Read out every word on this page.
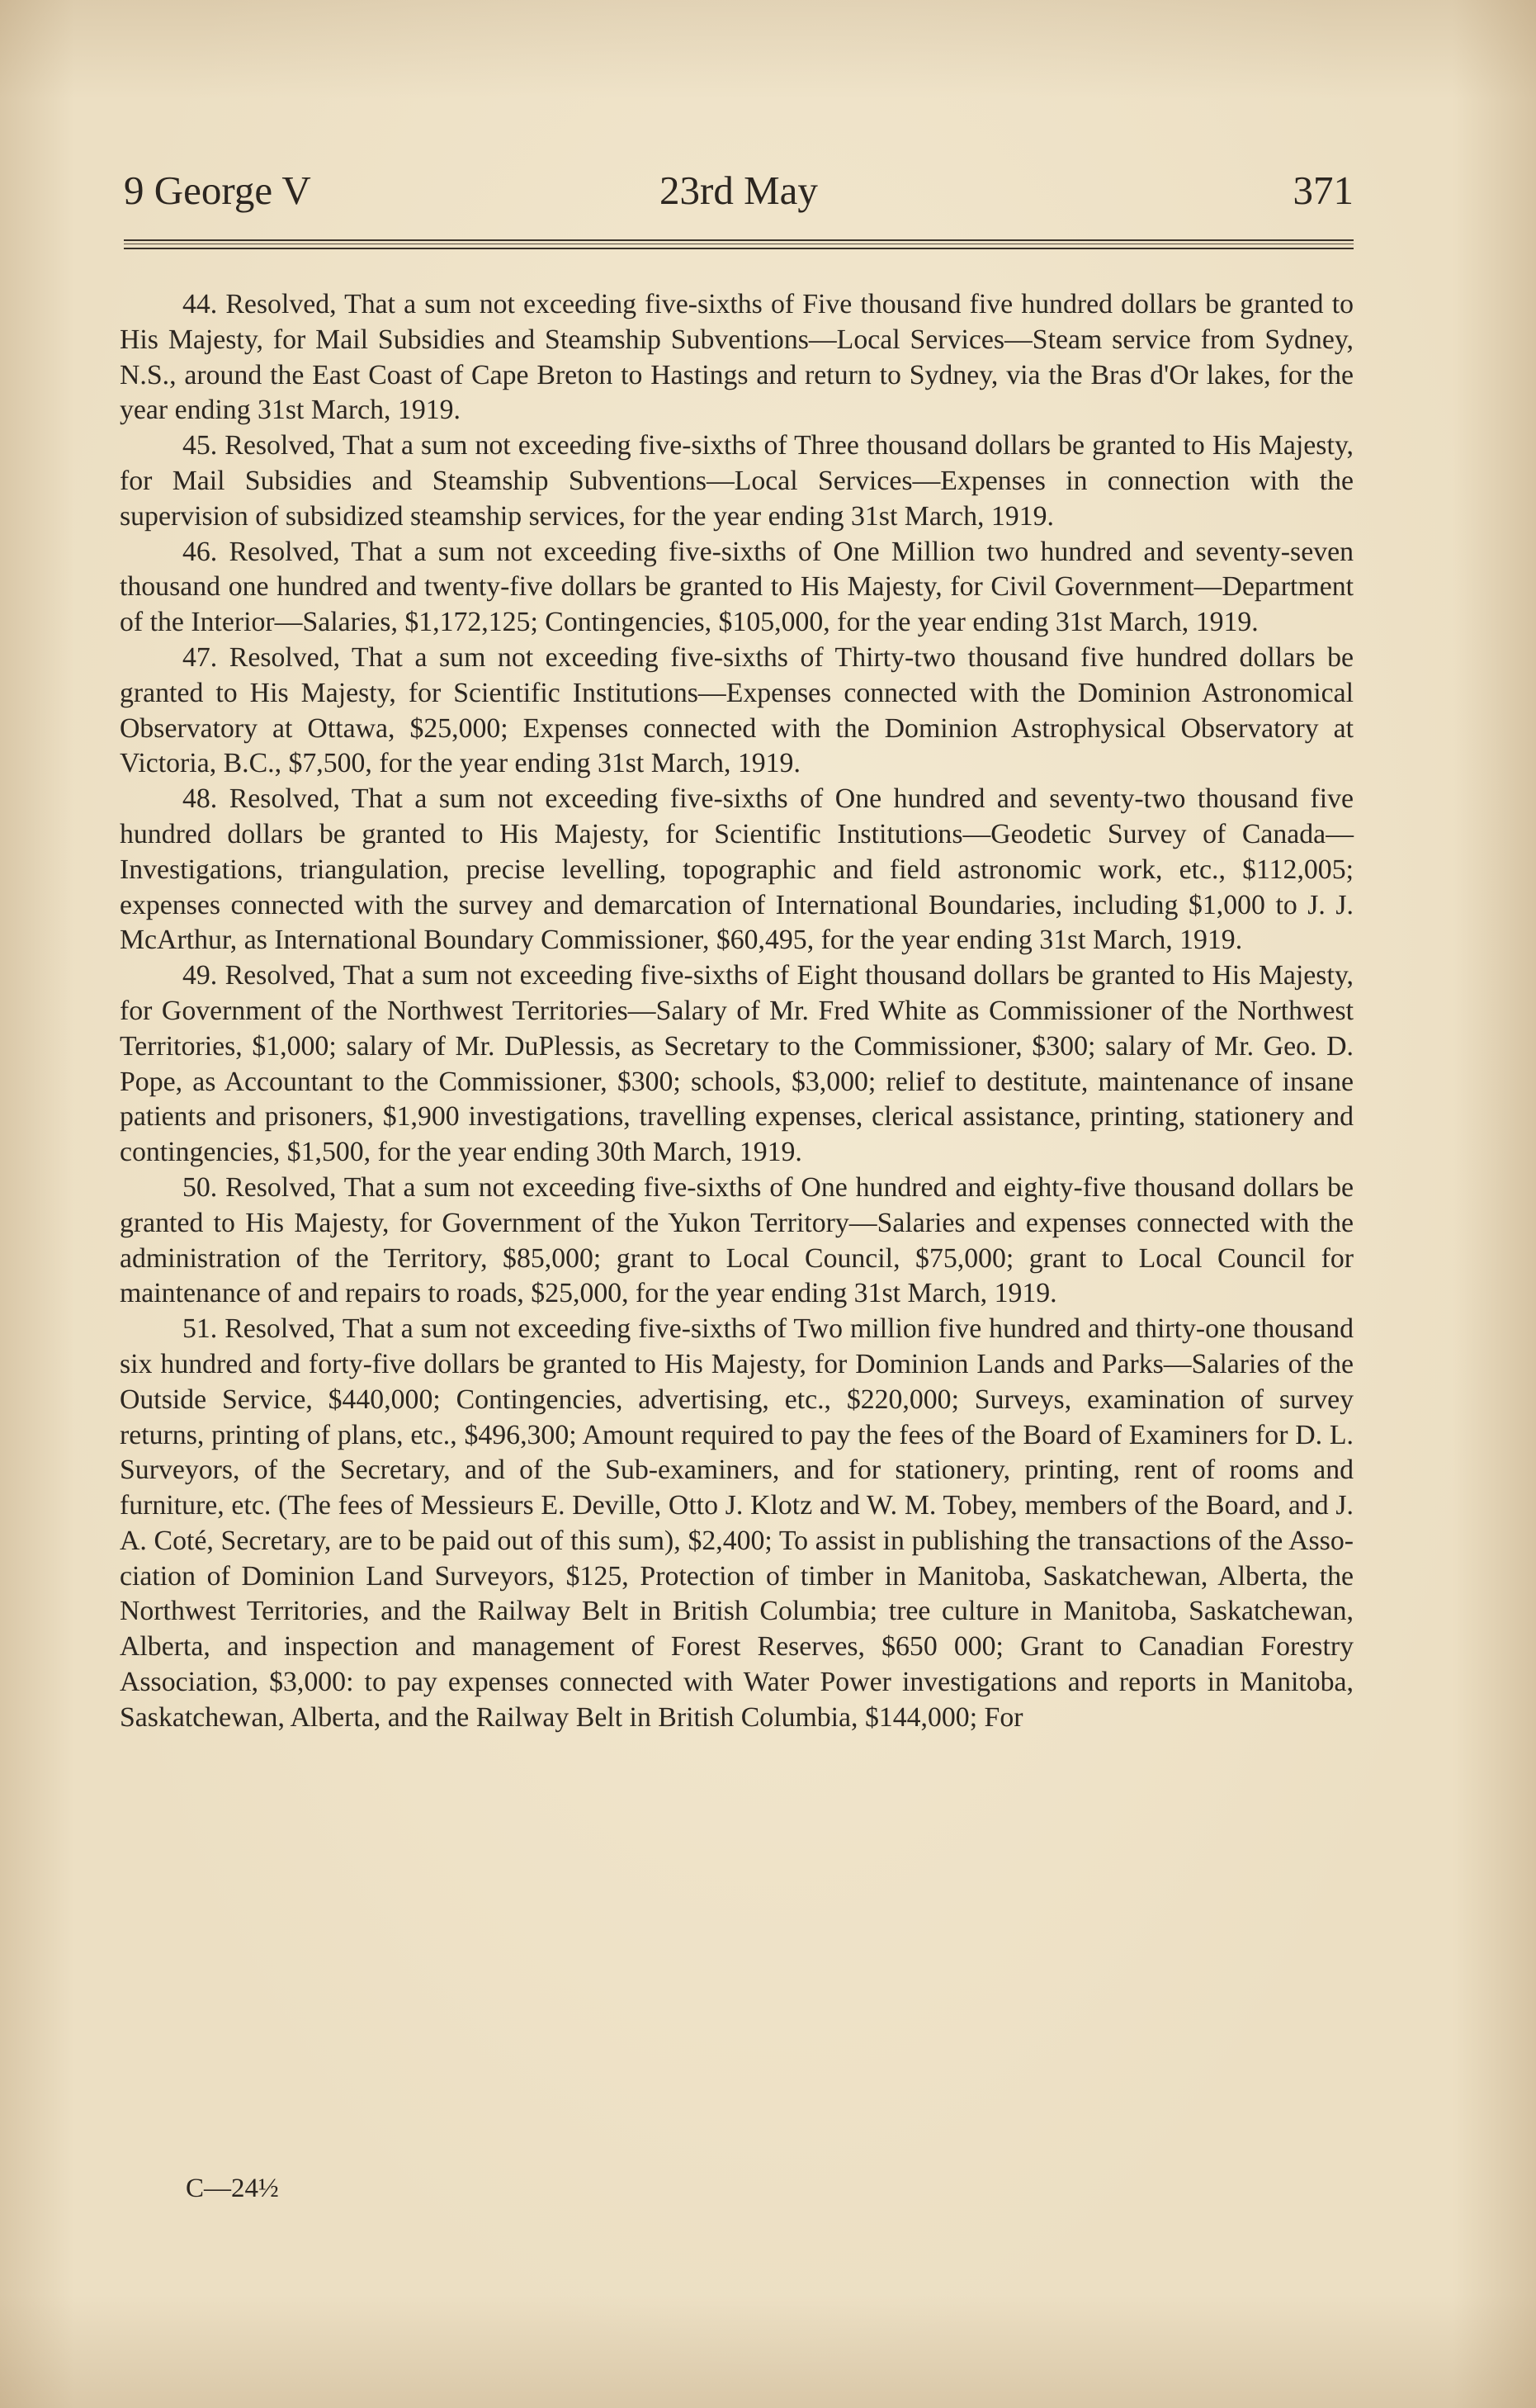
9 George V	23rd May	371

44. Resolved, That a sum not exceeding five-sixths of Five thousand five hundred dollars be granted to His Majesty, for Mail Subsidies and Steamship Subventions—Local Services—Steam service from Sydney, N.S., around the East Coast of Cape Breton to Hastings and return to Sydney, via the Bras d'Or lakes, for the year ending 31st March, 1919.

45. Resolved, That a sum not exceeding five-sixths of Three thousand dollars be granted to His Majesty, for Mail Subsidies and Steamship Subventions—Local Services—Expenses in connection with the supervision of subsidized steamship services, for the year ending 31st March, 1919.

46. Resolved, That a sum not exceeding five-sixths of One Million two hundred and seventy-seven thousand one hundred and twenty-five dollars be granted to His Majesty, for Civil Government—Department of the Interior—Salaries, $1,172,125; Contingencies, $105,000, for the year ending 31st March, 1919.

47. Resolved, That a sum not exceeding five-sixths of Thirty-two thousand five hundred dollars be granted to His Majesty, for Scientific Institutions—Expenses connected with the Dominion Astronomical Observatory at Ottawa, $25,000; Expenses connected with the Dominion Astrophysical Observatory at Victoria, B.C., $7,500, for the year ending 31st March, 1919.

48. Resolved, That a sum not exceeding five-sixths of One hundred and seventy-two thousand five hundred dollars be granted to His Majesty, for Scientific Institutions—Geodetic Survey of Canada—Investigations, triangulation, precise levelling, topographic and field astronomic work, etc., $112,005; expenses connected with the survey and demarcation of International Boundaries, including $1,000 to J. J. McArthur, as International Boundary Commissioner, $60,495, for the year ending 31st March, 1919.

49. Resolved, That a sum not exceeding five-sixths of Eight thousand dollars be granted to His Majesty, for Government of the Northwest Territories—Salary of Mr. Fred White as Commissioner of the Northwest Territories, $1,000; salary of Mr. DuPlessis, as Secretary to the Commissioner, $300; salary of Mr. Geo. D. Pope, as Accountant to the Commissioner, $300; schools, $3,000; relief to destitute, maintenance of insane patients and prisoners, $1,900 investigations, travelling expenses, clerical assistance, printing, stationery and contingencies, $1,500, for the year ending 30th March, 1919.

50. Resolved, That a sum not exceeding five-sixths of One hundred and eighty-five thousand dollars be granted to His Majesty, for Government of the Yukon Territory—Salaries and expenses connected with the administration of the Territory, $85,000; grant to Local Council, $75,000; grant to Local Council for maintenance of and repairs to roads, $25,000, for the year ending 31st March, 1919.

51. Resolved, That a sum not exceeding five-sixths of Two million five hundred and thirty-one thousand six hundred and forty-five dollars be granted to His Majesty, for Dominion Lands and Parks—Salaries of the Outside Service, $440,000; Contingencies, advertising, etc., $220,000; Surveys, examination of survey returns, printing of plans, etc., $496,300; Amount required to pay the fees of the Board of Examiners for D. L. Surveyors, of the Secretary, and of the Sub-examiners, and for stationery, printing, rent of rooms and furniture, etc. (The fees of Messieurs E. Deville, Otto J. Klotz and W. M. Tobey, members of the Board, and J. A. Coté, Secretary, are to be paid out of this sum), $2,400; To assist in publishing the transactions of the Association of Dominion Land Surveyors, $125, Protection of timber in Manitoba, Saskatchewan, Alberta, the Northwest Territories, and the Railway Belt in British Columbia; tree culture in Manitoba, Saskatchewan, Alberta, and inspection and management of Forest Reserves, $650 000; Grant to Canadian Forestry Association, $3,000: to pay expenses connected with Water Power investigations and reports in Manitoba, Saskatchewan, Alberta, and the Railway Belt in British Columbia, $144,000; For

C—24½
